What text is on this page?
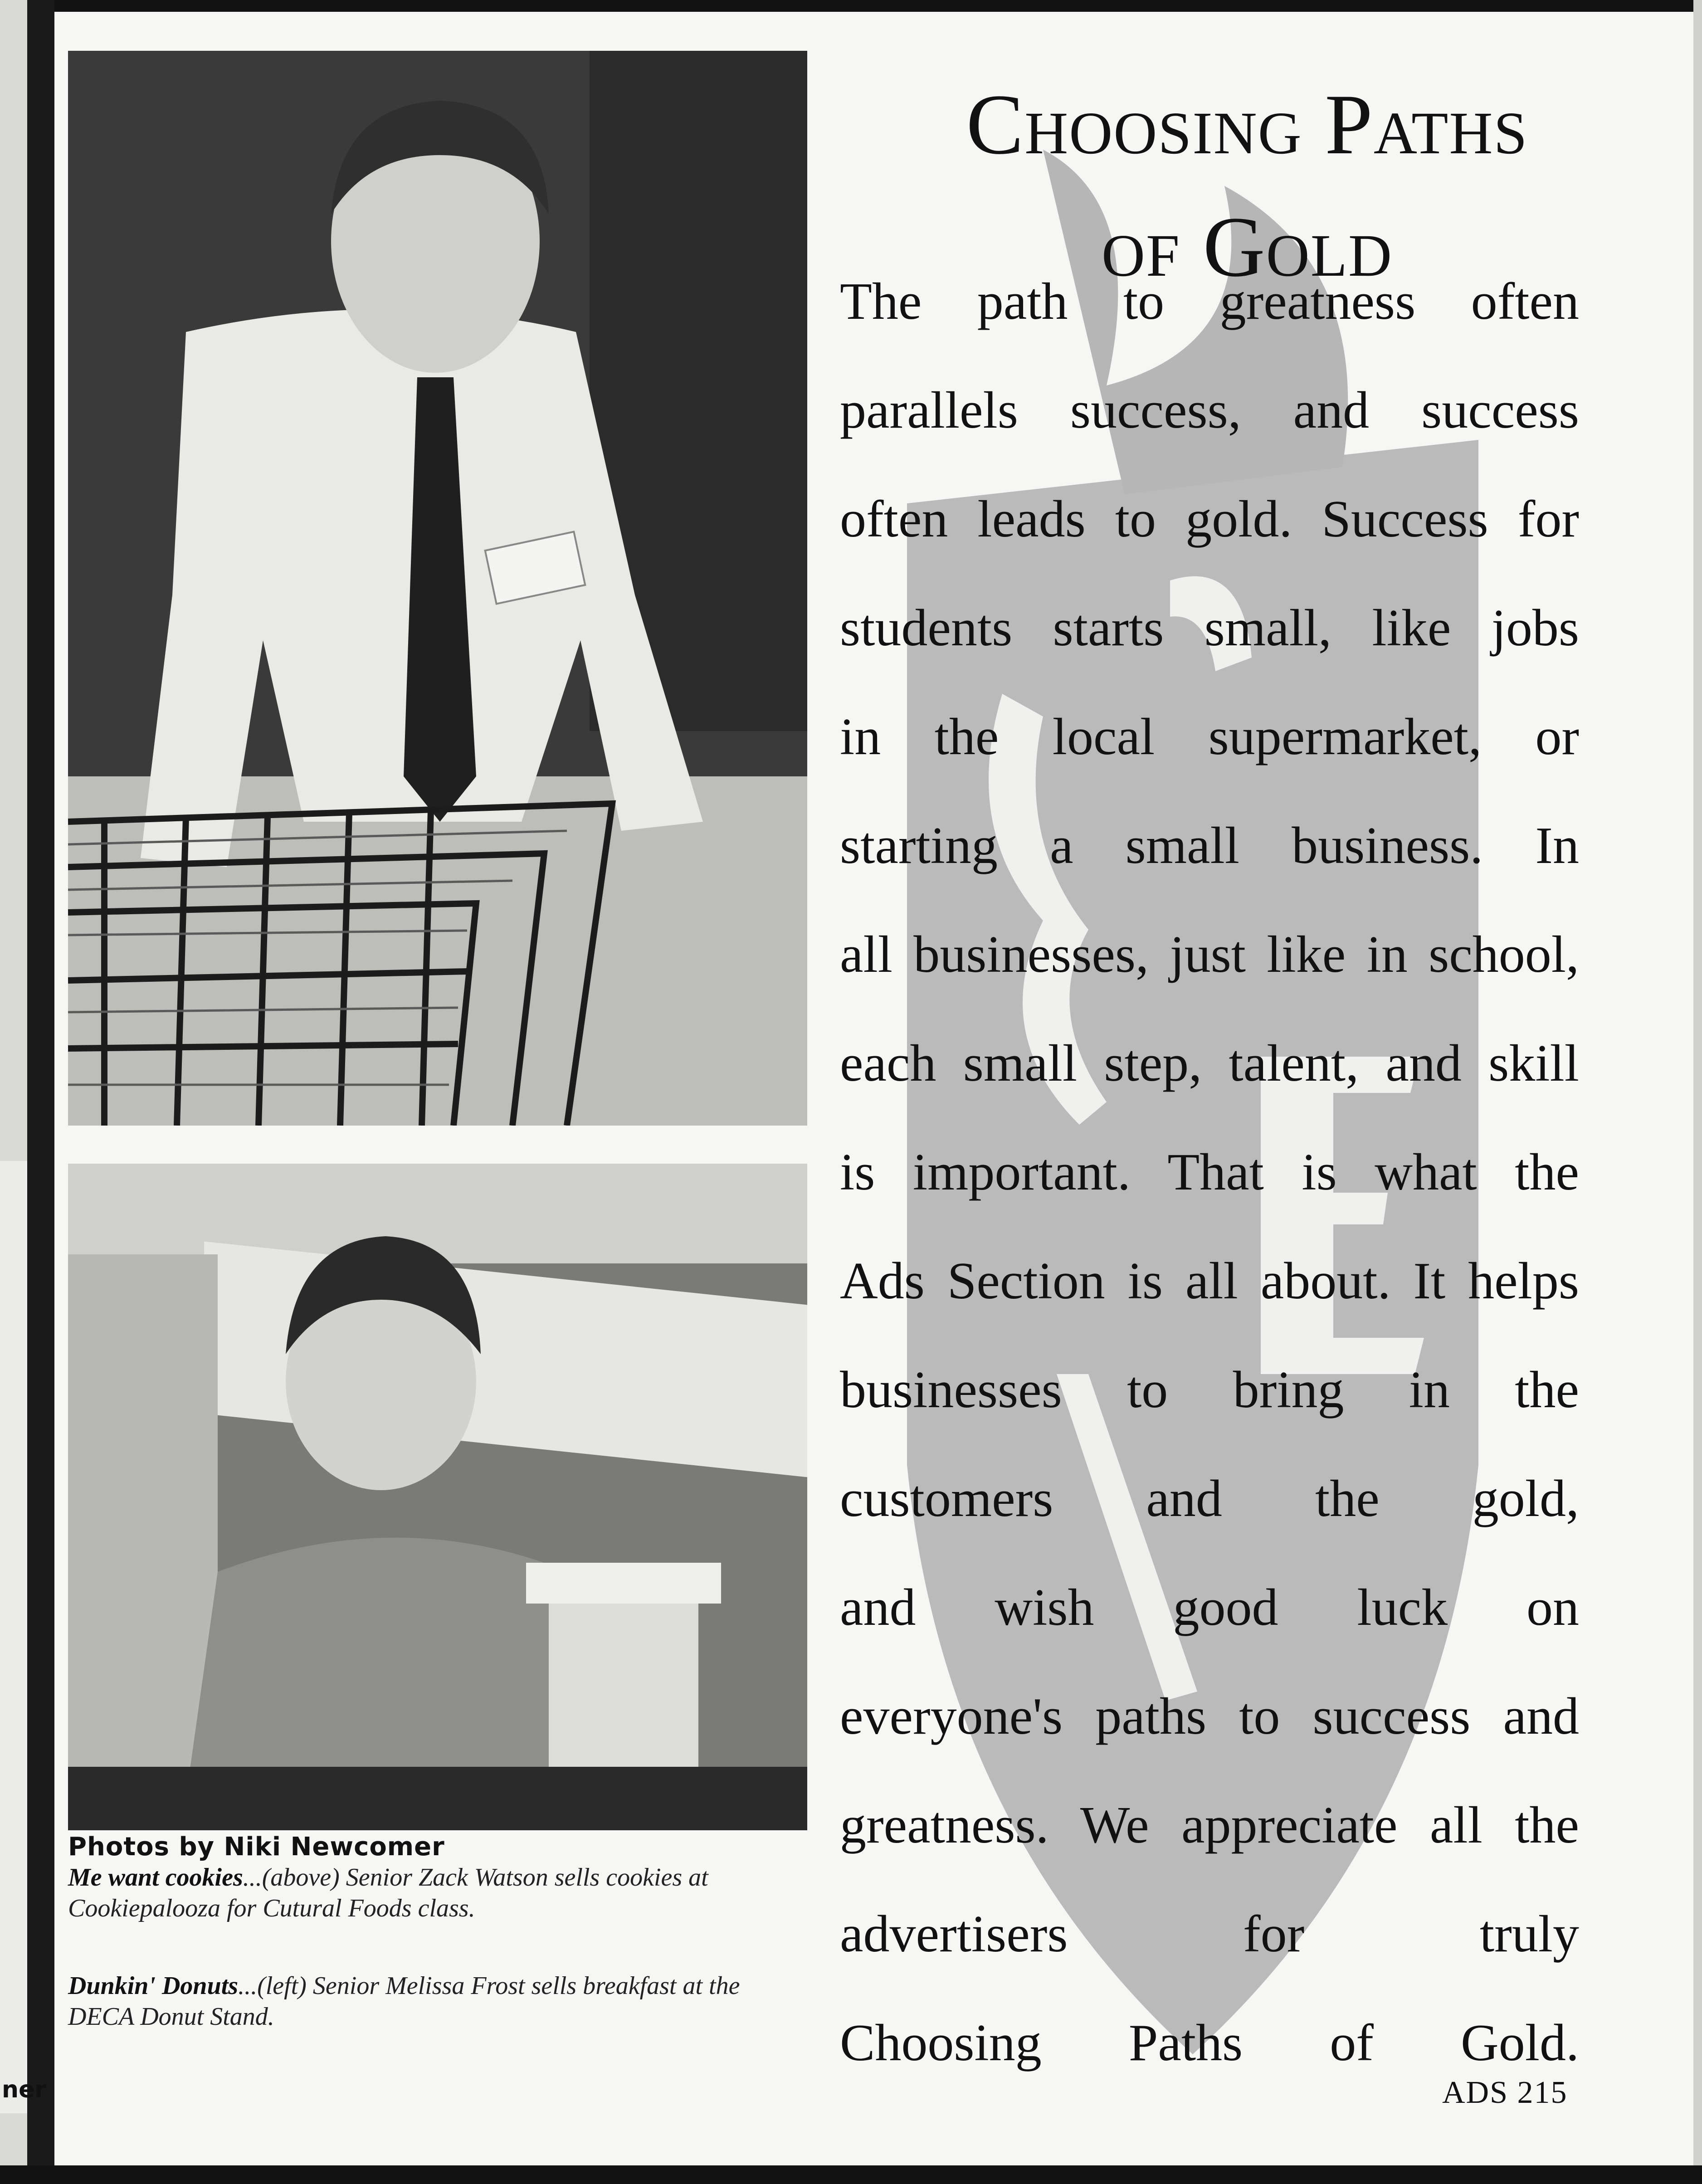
ner
Choosing Paths
of Gold
The path to greatness often
parallels success, and success
often leads to gold. Success for
students starts small, like jobs
in the local supermarket, or
starting a small business. In
all businesses, just like in school,
each small step, talent, and skill
is important. That is what the
Ads Section is all about. It helps
businesses to bring in the
customers and the gold,
and wish good luck on
everyone's paths to success and
greatness. We appreciate all the
advertisers for truly
Choosing Paths of Gold.
Photos by Niki Newcomer
Me want cookies...(above) Senior Zack Watson sells cookies at Cookiepalooza for Cutural Foods class.
Dunkin' Donuts...(left) Senior Melissa Frost sells breakfast at the DECA Donut Stand.
ADS 215
